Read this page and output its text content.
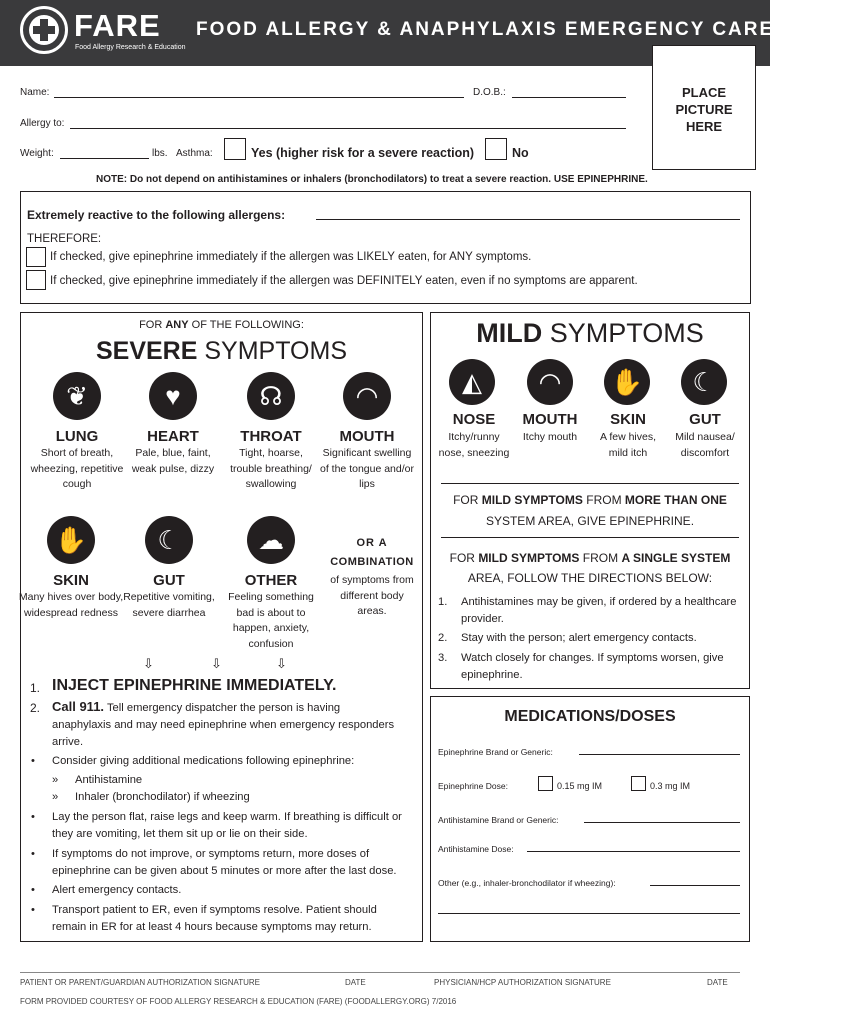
FARE
Food Allergy Research & Education
FOOD ALLERGY & ANAPHYLAXIS EMERGENCY CARE PLAN
PLACE
PICTURE
HERE
Name:	D.O.B.:
Allergy to:
Weight:	lbs. Asthma:	Yes (higher risk for a severe reaction)	No
NOTE: Do not depend on antihistamines or inhalers (bronchodilators) to treat a severe reaction. USE EPINEPHRINE.
Extremely reactive to the following allergens:
THEREFORE:
If checked, give epinephrine immediately if the allergen was LIKELY eaten, for ANY symptoms.
If checked, give epinephrine immediately if the allergen was DEFINITELY eaten, even if no symptoms are apparent.
FOR ANY OF THE FOLLOWING:
SEVERE SYMPTOMS
❦
LUNG
Short of breath, wheezing, repetitive cough
♥
HEART
Pale, blue, faint, weak pulse, dizzy
☊
THROAT
Tight, hoarse, trouble breathing/ swallowing
◠
MOUTH
Significant swelling of the tongue and/or lips
✋
SKIN
Many hives over body, widespread redness
☾
GUT
Repetitive vomiting, severe diarrhea
☁
OTHER
Feeling something bad is about to happen, anxiety, confusion
OR A
COMBINATION
of symptoms from different body areas.
⇩	⇩	⇩
1. INJECT EPINEPHRINE IMMEDIATELY.
2. Call 911. Tell emergency dispatcher the person is having anaphylaxis and may need epinephrine when emergency responders arrive.
• Consider giving additional medications following epinephrine:
» Antihistamine
» Inhaler (bronchodilator) if wheezing
• Lay the person flat, raise legs and keep warm. If breathing is difficult or they are vomiting, let them sit up or lie on their side.
• If symptoms do not improve, or symptoms return, more doses of epinephrine can be given about 5 minutes or more after the last dose.
• Alert emergency contacts.
• Transport patient to ER, even if symptoms resolve. Patient should remain in ER for at least 4 hours because symptoms may return.
MILD SYMPTOMS
◭
NOSE
Itchy/runny nose, sneezing
◠
MOUTH
Itchy mouth
✋
SKIN
A few hives, mild itch
☾
GUT
Mild nausea/ discomfort
FOR MILD SYMPTOMS FROM MORE THAN ONE
SYSTEM AREA, GIVE EPINEPHRINE.
FOR MILD SYMPTOMS FROM A SINGLE SYSTEM
AREA, FOLLOW THE DIRECTIONS BELOW:
1. Antihistamines may be given, if ordered by a healthcare provider.
2. Stay with the person; alert emergency contacts.
3. Watch closely for changes. If symptoms worsen, give epinephrine.
MEDICATIONS/DOSES
Epinephrine Brand or Generic:
Epinephrine Dose:	0.15 mg IM	0.3 mg IM
Antihistamine Brand or Generic:
Antihistamine Dose:
Other (e.g., inhaler-bronchodilator if wheezing):
PATIENT OR PARENT/GUARDIAN AUTHORIZATION SIGNATURE	DATE	PHYSICIAN/HCP AUTHORIZATION SIGNATURE	DATE
FORM PROVIDED COURTESY OF FOOD ALLERGY RESEARCH & EDUCATION (FARE) (FOODALLERGY.ORG) 7/2016
